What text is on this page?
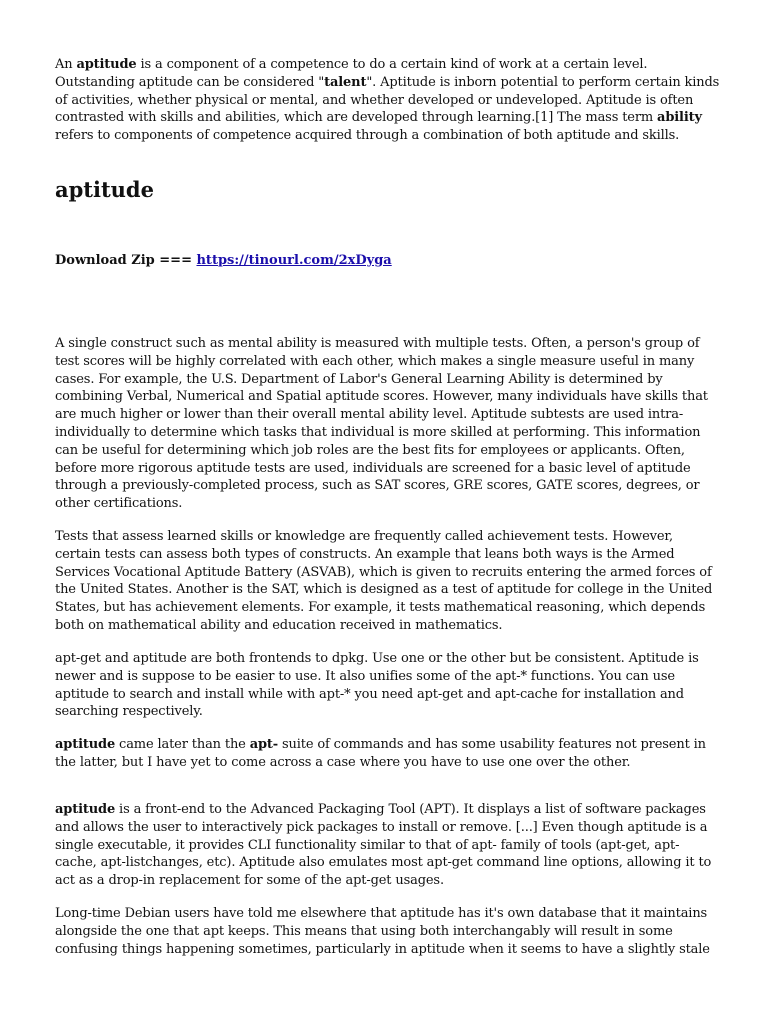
An aptitude is a component of a competence to do a certain kind of work at a certain level. Outstanding aptitude can be considered "talent". Aptitude is inborn potential to perform certain kinds of activities, whether physical or mental, and whether developed or undeveloped. Aptitude is often contrasted with skills and abilities, which are developed through learning.[1] The mass term ability refers to components of competence acquired through a combination of both aptitude and skills.

aptitude

Download Zip === https://tinourl.com/2xDyga

A single construct such as mental ability is measured with multiple tests. Often, a person's group of test scores will be highly correlated with each other, which makes a single measure useful in many cases. For example, the U.S. Department of Labor's General Learning Ability is determined by combining Verbal, Numerical and Spatial aptitude scores. However, many individuals have skills that are much higher or lower than their overall mental ability level. Aptitude subtests are used intra-individually to determine which tasks that individual is more skilled at performing. This information can be useful for determining which job roles are the best fits for employees or applicants. Often, before more rigorous aptitude tests are used, individuals are screened for a basic level of aptitude through a previously-completed process, such as SAT scores, GRE scores, GATE scores, degrees, or other certifications.

Tests that assess learned skills or knowledge are frequently called achievement tests. However, certain tests can assess both types of constructs. An example that leans both ways is the Armed Services Vocational Aptitude Battery (ASVAB), which is given to recruits entering the armed forces of the United States. Another is the SAT, which is designed as a test of aptitude for college in the United States, but has achievement elements. For example, it tests mathematical reasoning, which depends both on mathematical ability and education received in mathematics.

apt-get and aptitude are both frontends to dpkg. Use one or the other but be consistent. Aptitude is newer and is suppose to be easier to use. It also unifies some of the apt-* functions. You can use aptitude to search and install while with apt-* you need apt-get and apt-cache for installation and searching respectively.

aptitude came later than the apt- suite of commands and has some usability features not present in the latter, but I have yet to come across a case where you have to use one over the other.

aptitude is a front-end to the Advanced Packaging Tool (APT). It displays a list of software packages and allows the user to interactively pick packages to install or remove. [...] Even though aptitude is a single executable, it provides CLI functionality similar to that of apt- family of tools (apt-get, apt-cache, apt-listchanges, etc). Aptitude also emulates most apt-get command line options, allowing it to act as a drop-in replacement for some of the apt-get usages.

Long-time Debian users have told me elsewhere that aptitude has it's own database that it maintains alongside the one that apt keeps. This means that using both interchangably will result in some confusing things happening sometimes, particularly in aptitude when it seems to have a slightly stale
